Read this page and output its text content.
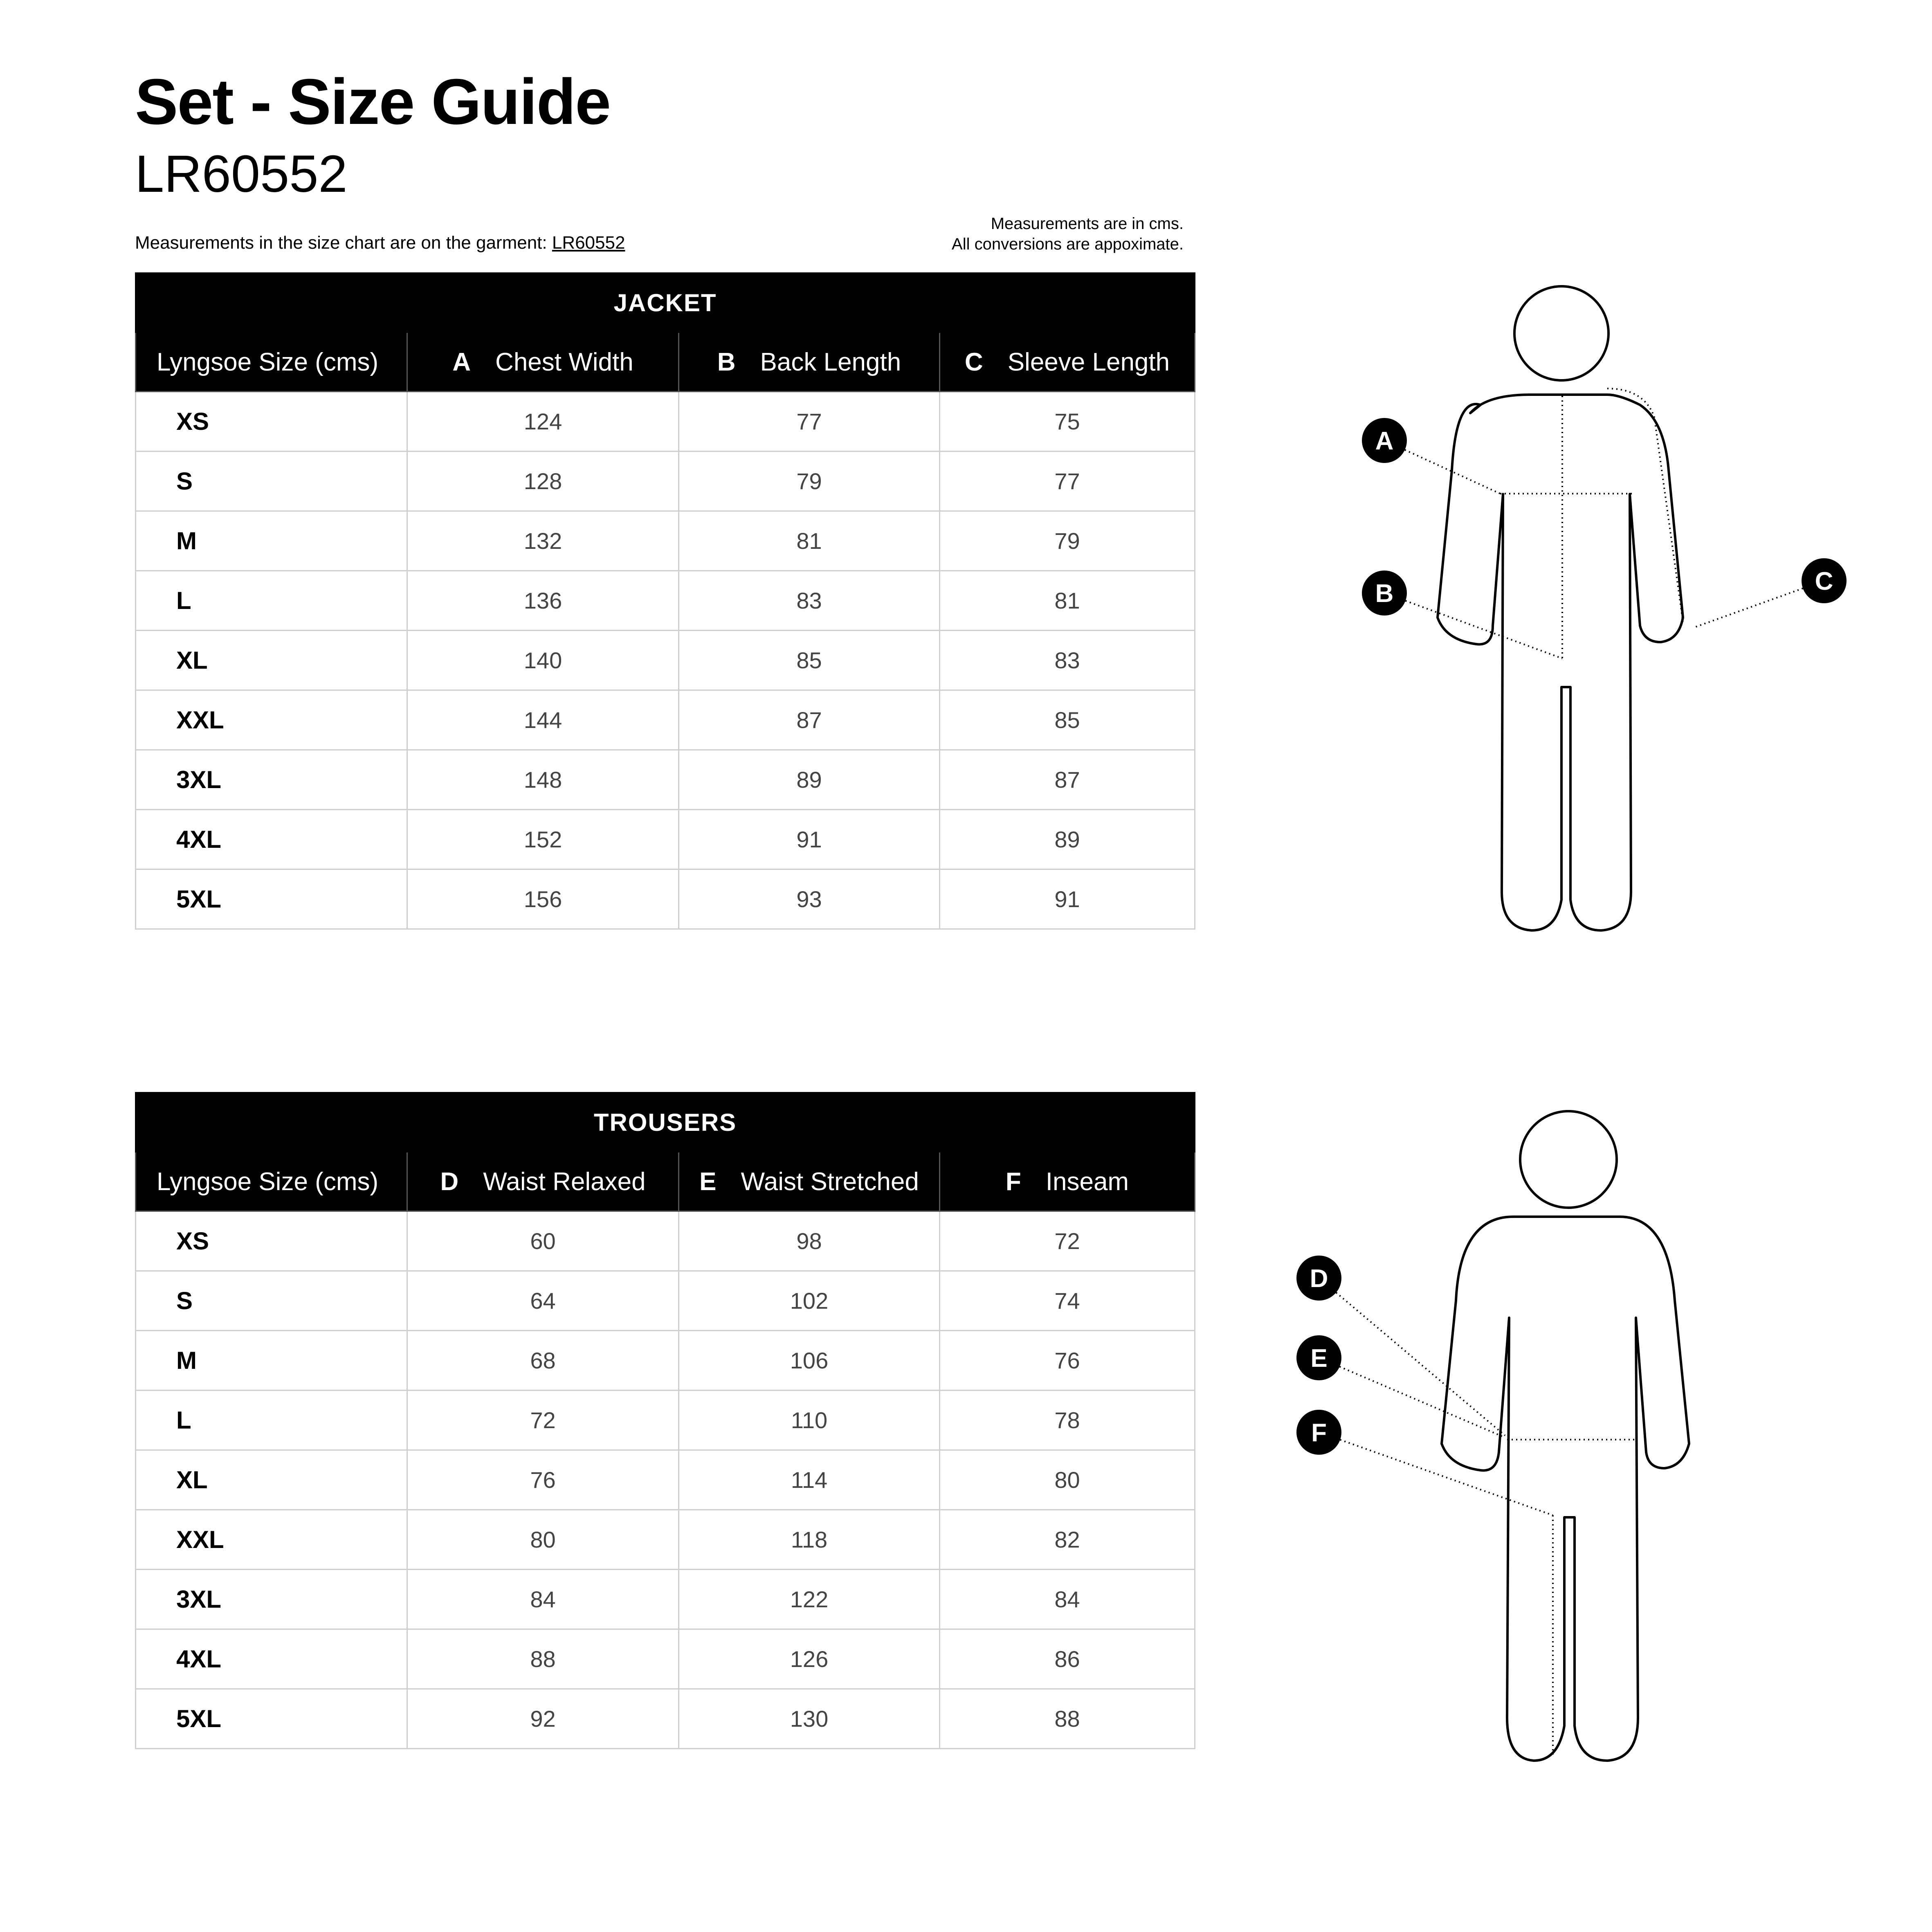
Set - Size Guide
LR60552
Measurements in the size chart are on the garment: LR60552
Measurements are in cms.
All conversions are appoximate.
JACKET			
Lyngsoe Size (cms)	A Chest Width	B Back Length	C Sleeve Length
XS	124	77	75
S	128	79	77
M	132	81	79
L	136	83	81
XL	140	85	83
XXL	144	87	85
3XL	148	89	87
4XL	152	91	89
5XL	156	93	91
TROUSERS			
Lyngsoe Size (cms)	D Waist Relaxed	E Waist Stretched	F Inseam
XS	60	98	72
S	64	102	74
M	68	106	76
L	72	110	78
XL	76	114	80
XXL	80	118	82
3XL	84	122	84
4XL	88	126	86
5XL	92	130	88
A
B	C
D
E
F
